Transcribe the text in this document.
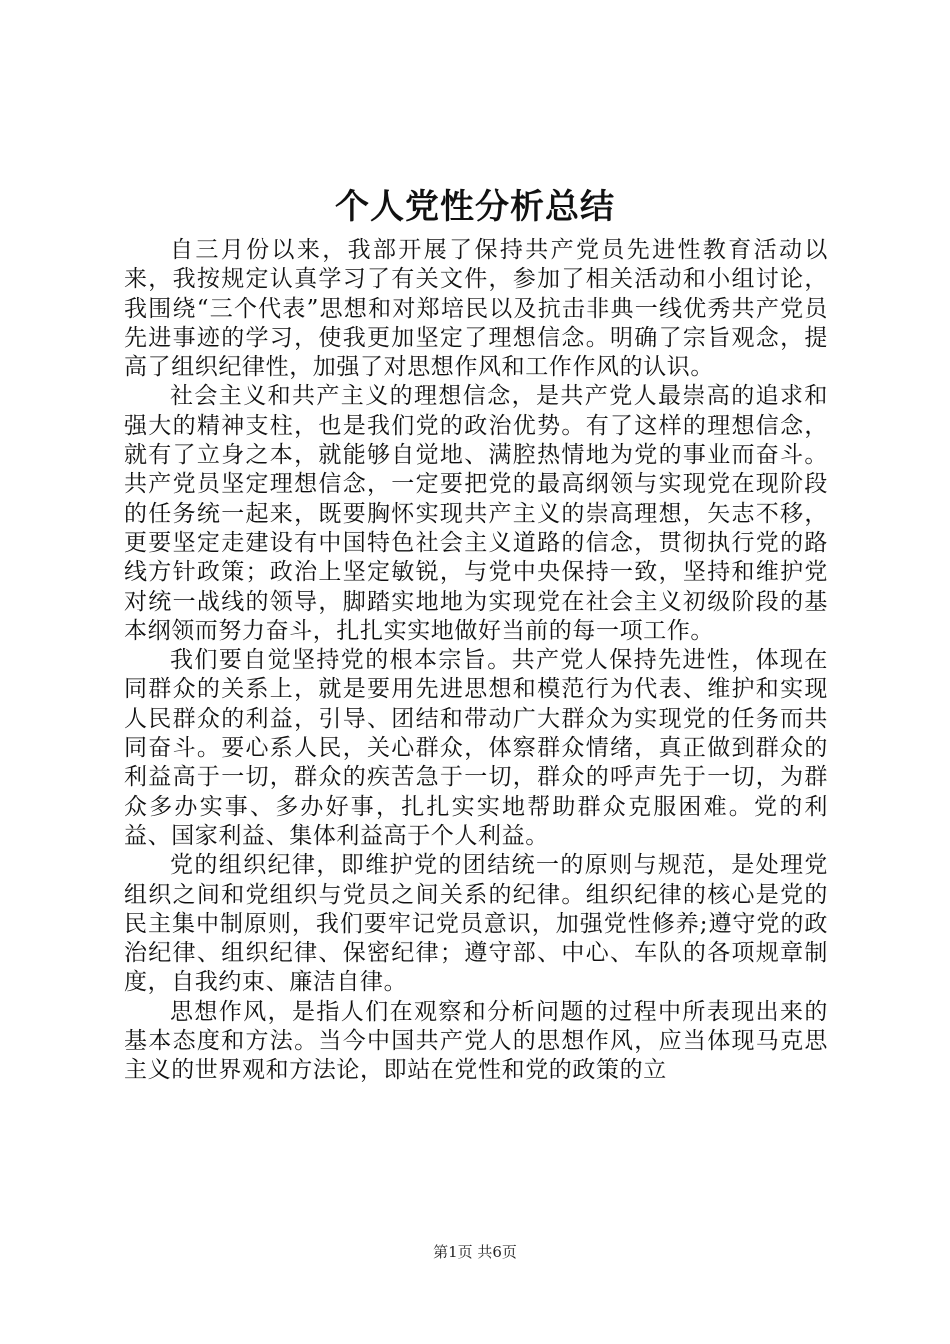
个人党性分析总结

自三月份以来，我部开展了保持共产党员先进性教育活动以来，我按规定认真学习了有关文件，参加了相关活动和小组讨论，我围绕“三个代表”思想和对郑培民以及抗击非典一线优秀共产党员先进事迹的学习，使我更加坚定了理想信念。明确了宗旨观念，提高了组织纪律性，加强了对思想作风和工作作风的认识。

社会主义和共产主义的理想信念，是共产党人最崇高的追求和强大的精神支柱，也是我们党的政治优势。有了这样的理想信念，就有了立身之本，就能够自觉地、满腔热情地为党的事业而奋斗。共产党员坚定理想信念，一定要把党的最高纲领与实现党在现阶段的任务统一起来，既要胸怀实现共产主义的崇高理想，矢志不移，更要坚定走建设有中国特色社会主义道路的信念，贯彻执行党的路线方针政策；政治上坚定敏锐，与党中央保持一致，坚持和维护党对统一战线的领导，脚踏实地地为实现党在社会主义初级阶段的基本纲领而努力奋斗，扎扎实实地做好当前的每一项工作。

我们要自觉坚持党的根本宗旨。共产党人保持先进性，体现在同群众的关系上，就是要用先进思想和模范行为代表、维护和实现人民群众的利益，引导、团结和带动广大群众为实现党的任务而共同奋斗。要心系人民，关心群众，体察群众情绪，真正做到群众的利益高于一切，群众的疾苦急于一切，群众的呼声先于一切，为群众多办实事、多办好事，扎扎实实地帮助群众克服困难。党的利益、国家利益、集体利益高于个人利益。

党的组织纪律，即维护党的团结统一的原则与规范，是处理党组织之间和党组织与党员之间关系的纪律。组织纪律的核心是党的民主集中制原则，我们要牢记党员意识，加强党性修养;遵守党的政治纪律、组织纪律、保密纪律；遵守部、中心、车队的各项规章制度，自我约束、廉洁自律。

思想作风，是指人们在观察和分析问题的过程中所表现出来的基本态度和方法。当今中国共产党人的思想作风，应当体现马克思主义的世界观和方法论，即站在党性和党的政策的立

第1页 共6页
